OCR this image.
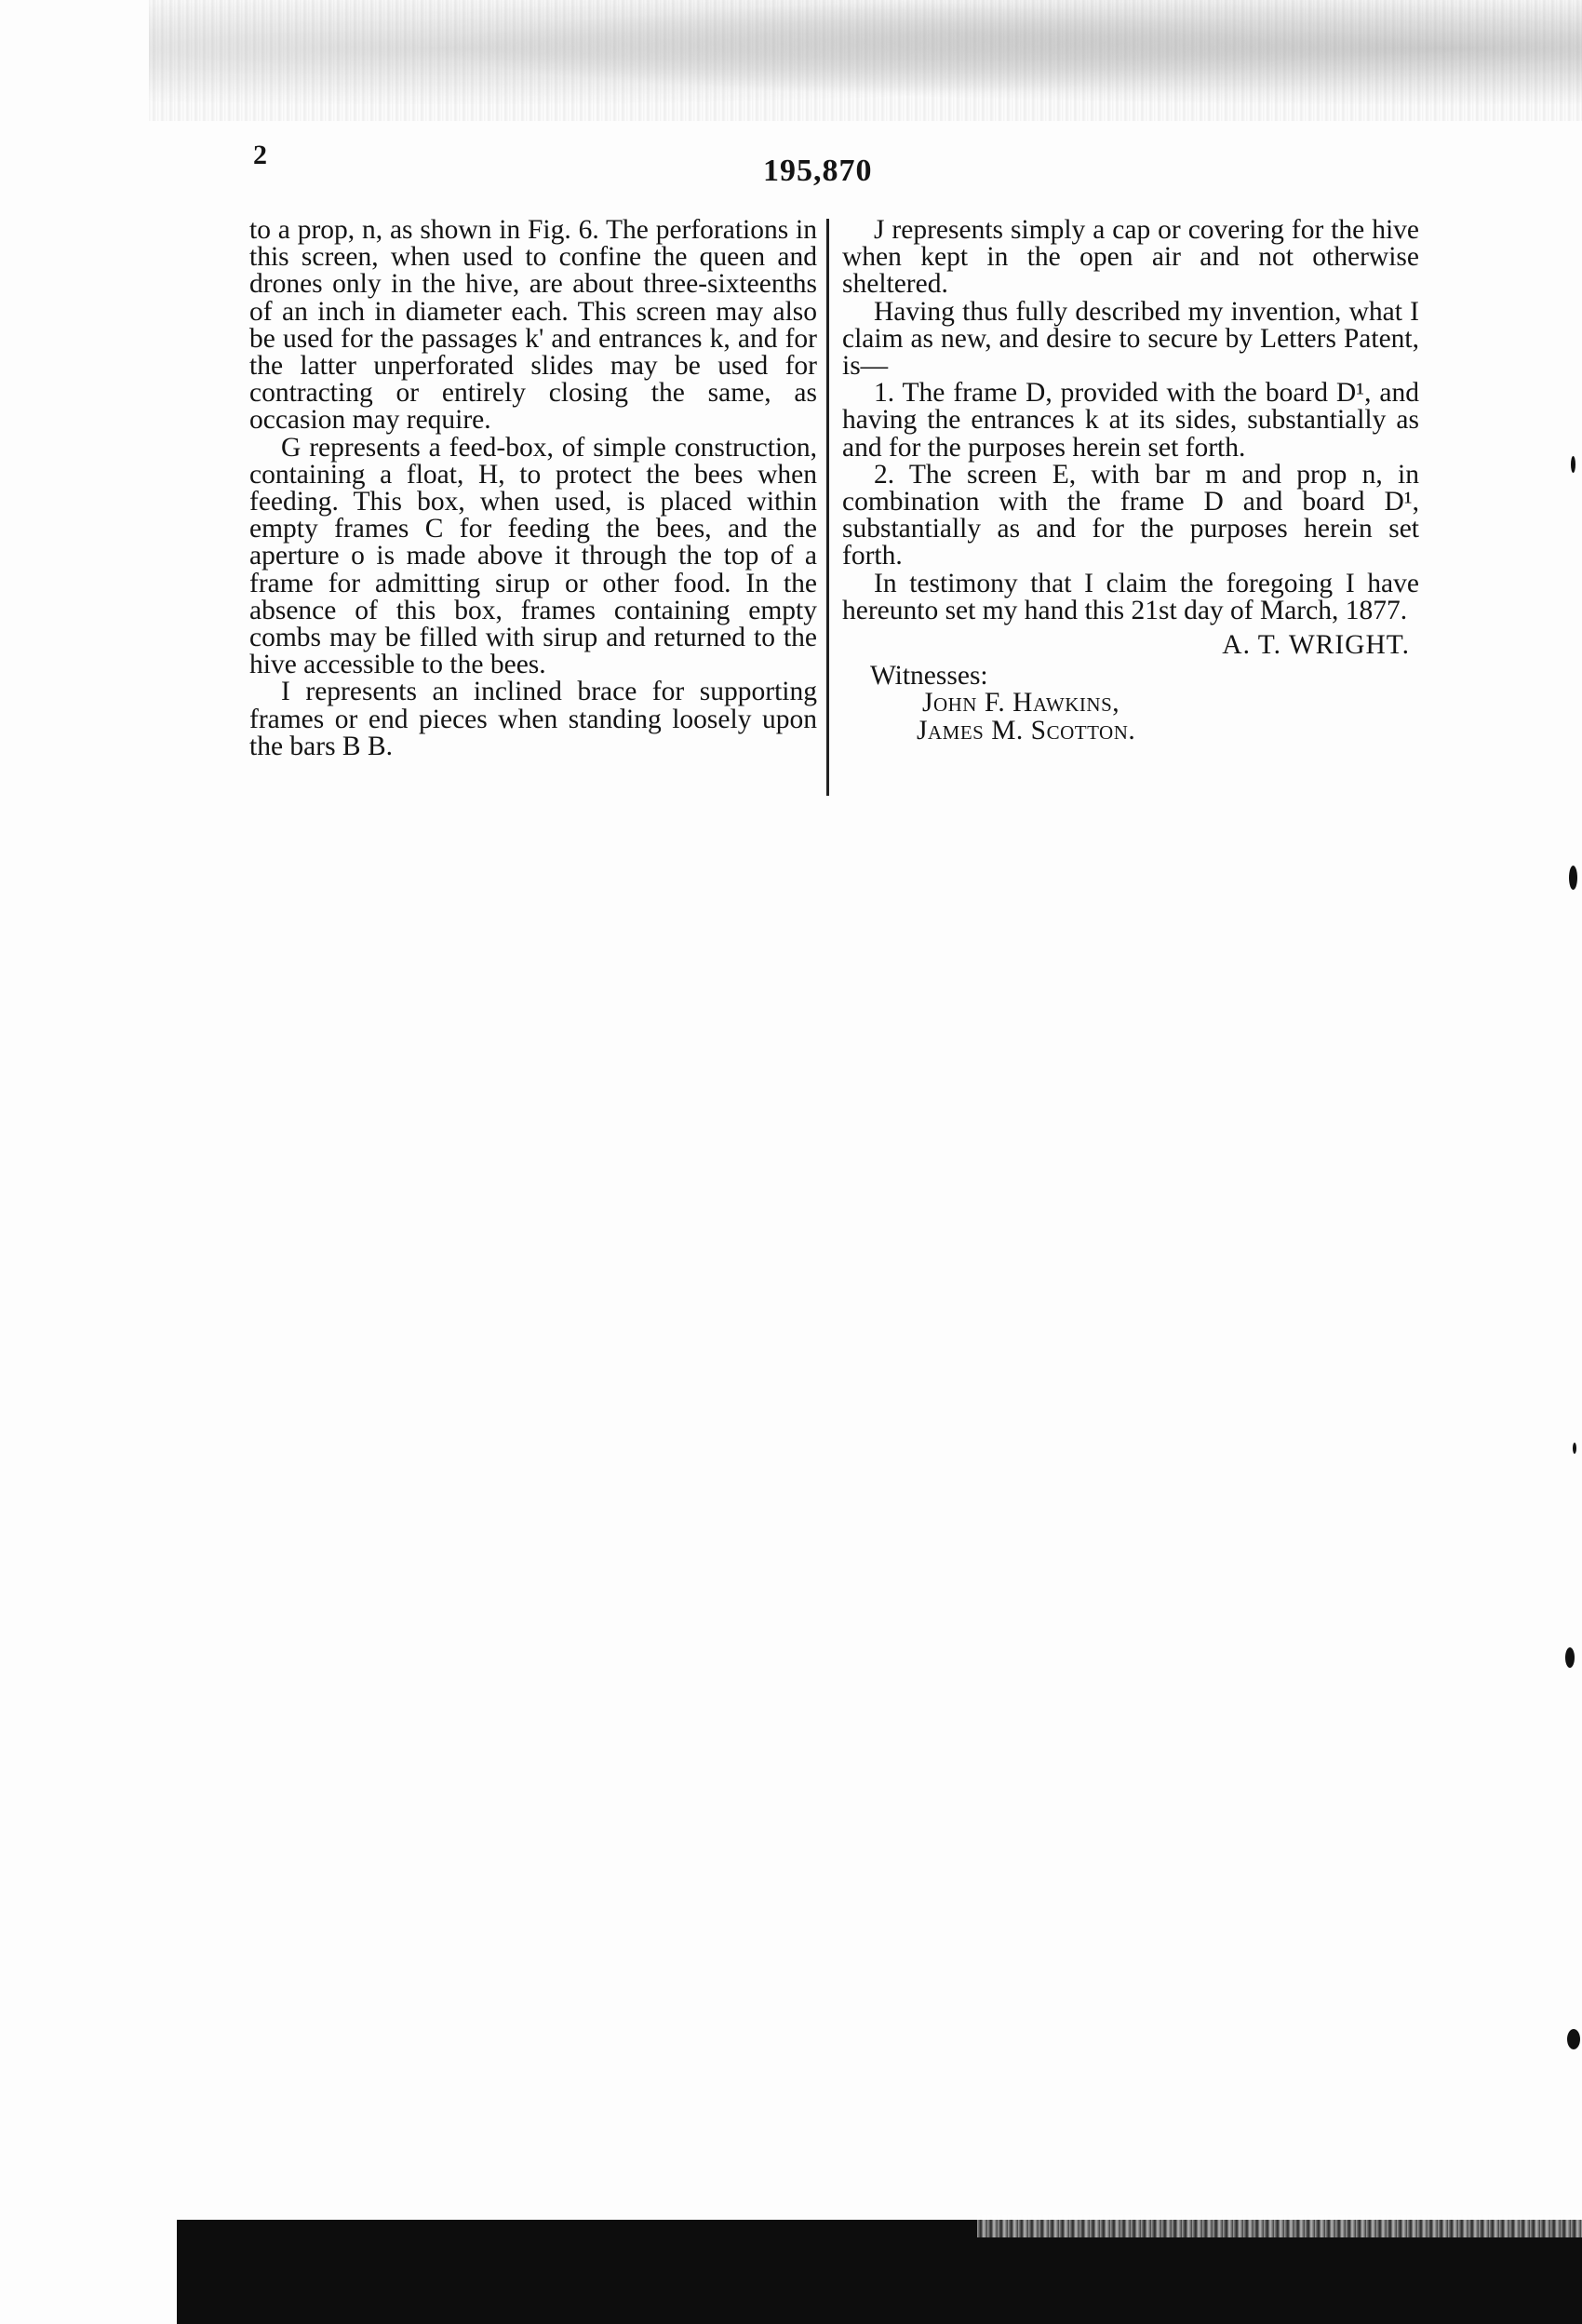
2	195,870

to a prop, n, as shown in Fig. 6. The perforations in this screen, when used to confine the queen and drones only in the hive, are about three-sixteenths of an inch in diameter each. This screen may also be used for the passages k' and entrances k, and for the latter unperforated slides may be used for contracting or entirely closing the same, as occasion may require.

G represents a feed-box, of simple construction, containing a float, H, to protect the bees when feeding. This box, when used, is placed within empty frames C for feeding the bees, and the aperture o is made above it through the top of a frame for admitting sirup or other food. In the absence of this box, frames containing empty combs may be filled with sirup and returned to the hive accessible to the bees.

I represents an inclined brace for supporting frames or end pieces when standing loosely upon the bars B B.

J represents simply a cap or covering for the hive when kept in the open air and not otherwise sheltered.

Having thus fully described my invention, what I claim as new, and desire to secure by Letters Patent, is—

1. The frame D, provided with the board D¹, and having the entrances k at its sides, substantially as and for the purposes herein set forth.

2. The screen E, with bar m and prop n, in combination with the frame D and board D¹, substantially as and for the purposes herein set forth.

In testimony that I claim the foregoing I have hereunto set my hand this 21st day of March, 1877.

A. T. WRIGHT.
Witnesses:
John F. Hawkins,
James M. Scotton.
